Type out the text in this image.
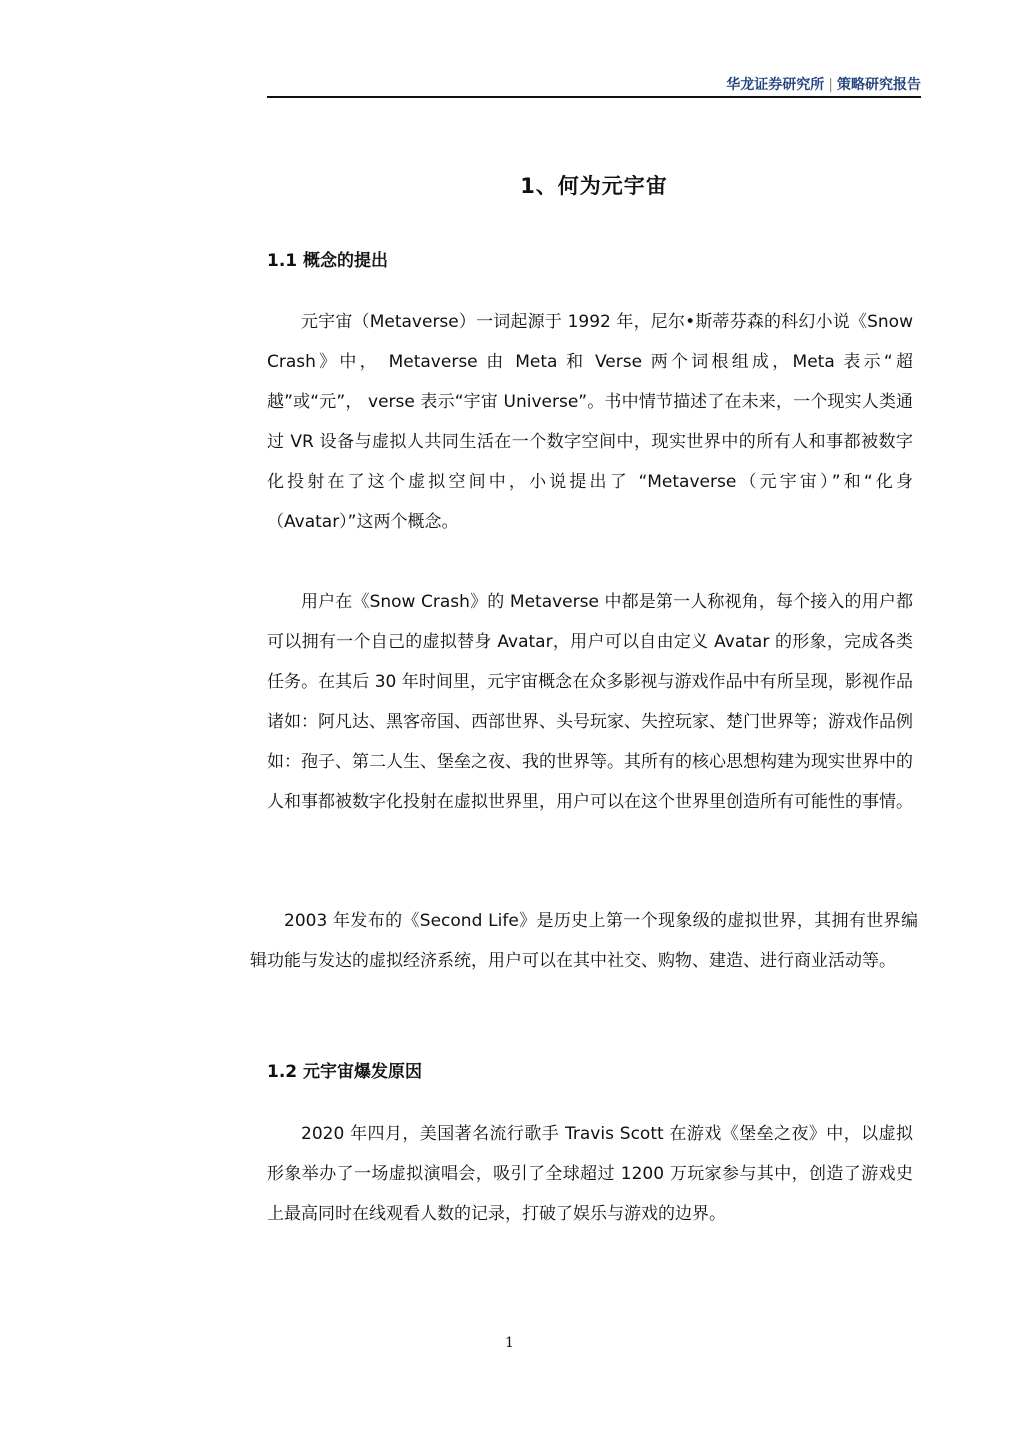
华龙证券研究所 | 策略研究报告
1、何为元宇宙
1.1 概念的提出

元宇宙（Metaverse）一词起源于 1992 年，尼尔•斯蒂芬森的科幻小说《Snow Crash》中， Metaverse 由 Meta 和 Verse 两个词根组成，Meta 表示“超越”或“元”， verse 表示“宇宙 Universe”。书中情节描述了在未来，一个现实人类通过 VR 设备与虚拟人共同生活在一个数字空间中，现实世界中的所有人和事都被数字化投射在了这个虚拟空间中，小说提出了 “Metaverse（元宇宙）”和“化身（Avatar）”这两个概念。

用户在《Snow Crash》的 Metaverse 中都是第一人称视角，每个接入的用户都可以拥有一个自己的虚拟替身 Avatar，用户可以自由定义 Avatar 的形象，完成各类任务。在其后 30 年时间里，元宇宙概念在众多影视与游戏作品中有所呈现，影视作品诸如：阿凡达、黑客帝国、西部世界、头号玩家、失控玩家、楚门世界等；游戏作品例如：孢子、第二人生、堡垒之夜、我的世界等。其所有的核心思想构建为现实世界中的人和事都被数字化投射在虚拟世界里，用户可以在这个世界里创造所有可能性的事情。

2003 年发布的《Second Life》是历史上第一个现象级的虚拟世界，其拥有世界编辑功能与发达的虚拟经济系统，用户可以在其中社交、购物、建造、进行商业活动等。

1.2 元宇宙爆发原因

2020 年四月，美国著名流行歌手 Travis Scott 在游戏《堡垒之夜》中，以虚拟形象举办了一场虚拟演唱会，吸引了全球超过 1200 万玩家参与其中，创造了游戏史上最高同时在线观看人数的记录，打破了娱乐与游戏的边界。

1
